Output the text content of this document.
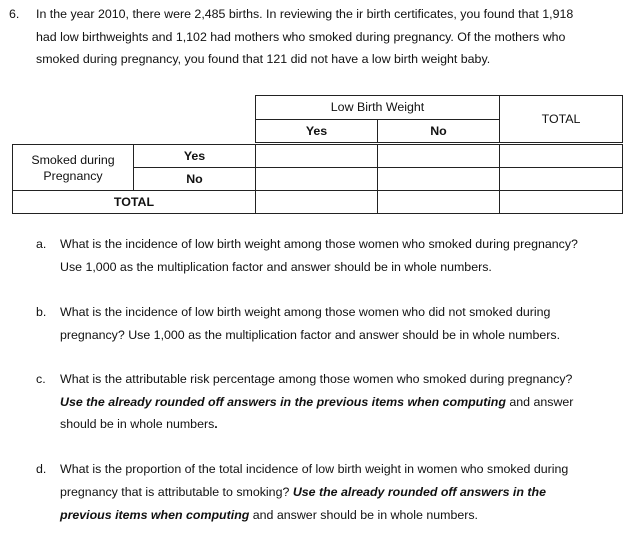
6. In the year 2010, there were 2,485 births. In reviewing the ir birth certificates, you found that 1,918
had low birthweights and 1,102 had mothers who smoked during pregnancy. Of the mothers who
smoked during pregnancy, you found that 121 did not have a low birth weight baby.
		Low Birth Weight		TOTAL
		Yes	No	

Smoked during
Pregnancy	Yes			
	No			
TOTAL				
a. What is the incidence of low birth weight among those women who smoked during pregnancy?
Use 1,000 as the multiplication factor and answer should be in whole numbers.
b. What is the incidence of low birth weight among those women who did not smoked during
pregnancy? Use 1,000 as the multiplication factor and answer should be in whole numbers.
c. What is the attributable risk percentage among those women who smoked during pregnancy?
Use the already rounded off answers in the previous items when computing and answer
should be in whole numbers.
d. What is the proportion of the total incidence of low birth weight in women who smoked during
pregnancy that is attributable to smoking? Use the already rounded off answers in the
previous items when computing and answer should be in whole numbers.
